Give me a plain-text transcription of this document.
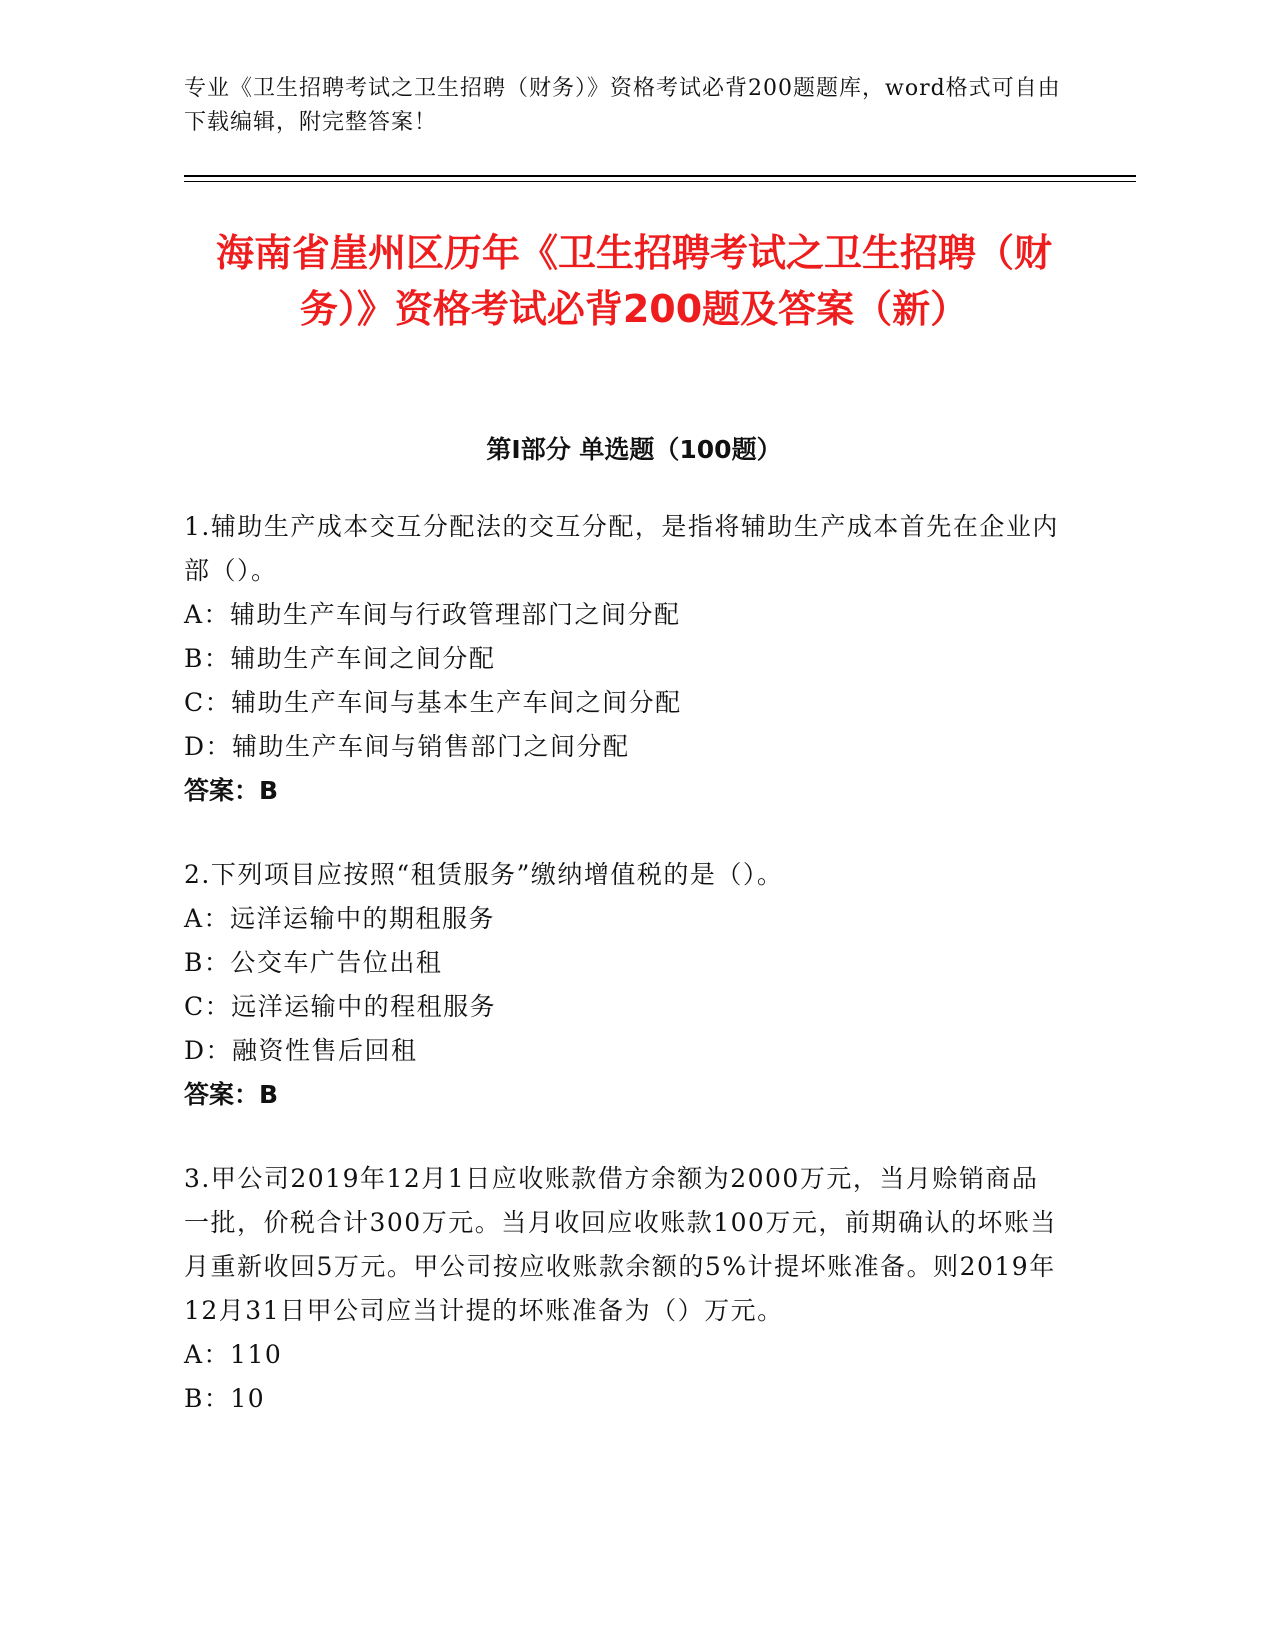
专业《卫生招聘考试之卫生招聘（财务）》资格考试必背200题题库，word格式可自由下载编辑，附完整答案！
海南省崖州区历年《卫生招聘考试之卫生招聘（财务）》资格考试必背200题及答案（新）
第I部分 单选题（100题）
1.辅助生产成本交互分配法的交互分配，是指将辅助生产成本首先在企业内部（）。
A：辅助生产车间与行政管理部门之间分配
B：辅助生产车间之间分配
C：辅助生产车间与基本生产车间之间分配
D：辅助生产车间与销售部门之间分配
答案：B
2.下列项目应按照“租赁服务”缴纳增值税的是（）。
A：远洋运输中的期租服务
B：公交车广告位出租
C：远洋运输中的程租服务
D：融资性售后回租
答案：B
3.甲公司2019年12月1日应收账款借方余额为2000万元，当月赊销商品一批，价税合计300万元。当月收回应收账款100万元，前期确认的坏账当月重新收回5万元。甲公司按应收账款余额的5%计提坏账准备。则2019年12月31日甲公司应当计提的坏账准备为（）万元。
A：110
B：10
